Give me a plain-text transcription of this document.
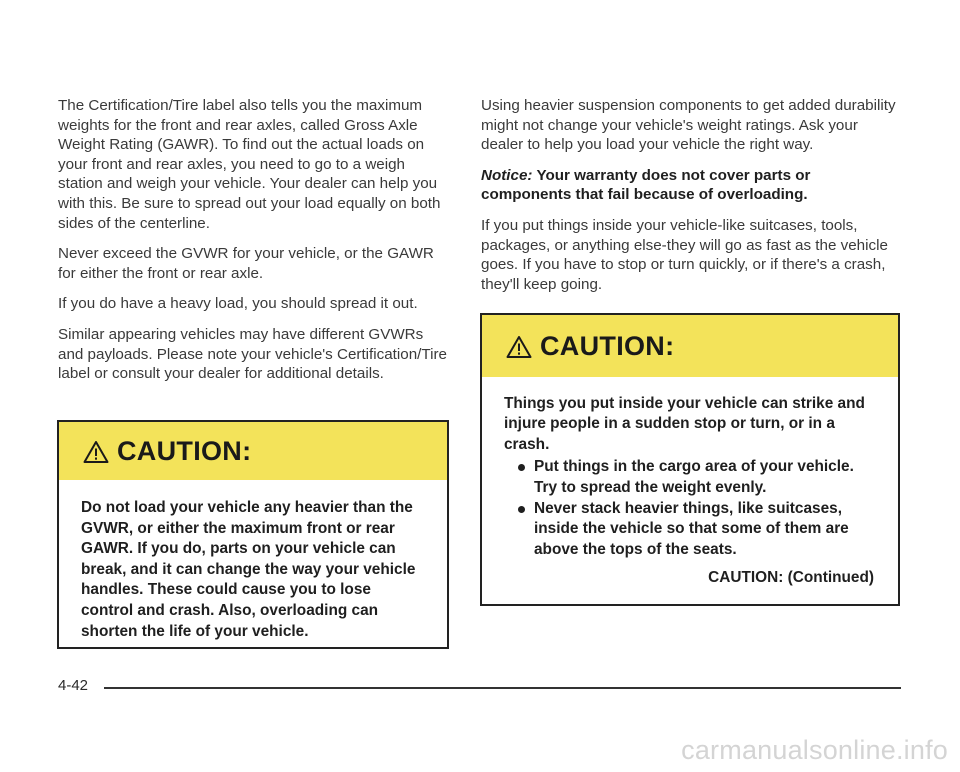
The Certification/Tire label also tells you the maximum weights for the front and rear axles, called Gross Axle Weight Rating (GAWR). To find out the actual loads on your front and rear axles, you need to go to a weigh station and weigh your vehicle. Your dealer can help you with this. Be sure to spread out your load equally on both sides of the centerline.

Never exceed the GVWR for your vehicle, or the GAWR for either the front or rear axle.

If you do have a heavy load, you should spread it out.

Similar appearing vehicles may have different GVWRs and payloads. Please note your vehicle's Certification/Tire label or consult your dealer for additional details.

CAUTION:
Do not load your vehicle any heavier than the GVWR, or either the maximum front or rear GAWR. If you do, parts on your vehicle can break, and it can change the way your vehicle handles. These could cause you to lose control and crash. Also, overloading can shorten the life of your vehicle.

Using heavier suspension components to get added durability might not change your vehicle's weight ratings. Ask your dealer to help you load your vehicle the right way.

Notice: Your warranty does not cover parts or components that fail because of overloading.

If you put things inside your vehicle-like suitcases, tools, packages, or anything else-they will go as fast as the vehicle goes. If you have to stop or turn quickly, or if there's a crash, they'll keep going.

CAUTION:
Things you put inside your vehicle can strike and injure people in a sudden stop or turn, or in a crash.
Put things in the cargo area of your vehicle. Try to spread the weight evenly.
Never stack heavier things, like suitcases, inside the vehicle so that some of them are above the tops of the seats.
CAUTION: (Continued)
4-42
carmanualsonline.info
